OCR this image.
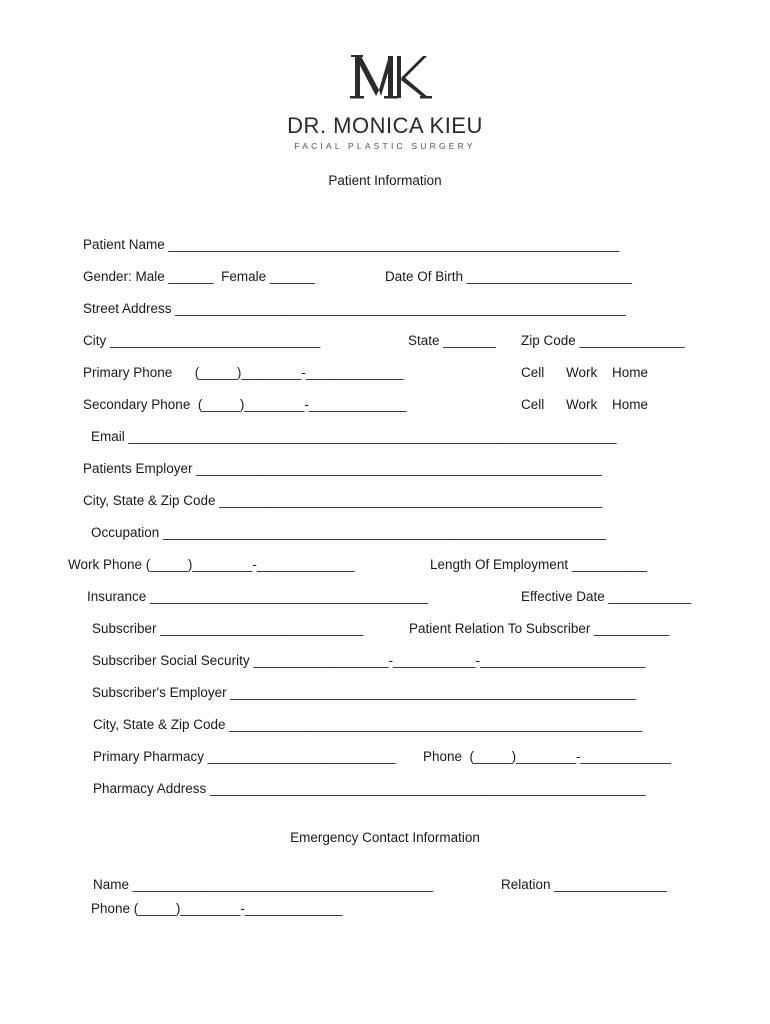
DR. MONICA KIEU
FACIAL PLASTIC SURGERY
Patient Information
Patient Name ____________________________________________________________
Gender: Male ______  Female ______	Date Of Birth ______________________
Street Address ____________________________________________________________
City ____________________________	State _______ Zip Code ______________
Primary Phone      (_____)________-_____________	Cell Work Home
Secondary Phone  (_____)________-_____________	Cell Work Home
Email _________________________________________________________________
Patients Employer ______________________________________________________
City, State & Zip Code ___________________________________________________
Occupation ___________________________________________________________
Work Phone (_____)________-_____________	Length Of Employment __________
Insurance _____________________________________	Effective Date ___________
Subscriber ___________________________	Patient Relation To Subscriber __________
Subscriber Social Security __________________-___________-______________________
Subscriber's Employer ______________________________________________________
City, State & Zip Code _______________________________________________________
Primary Pharmacy _________________________ Phone  (_____)________-____________
Pharmacy Address __________________________________________________________
Emergency Contact Information
Name ________________________________________	Relation _______________
Phone (_____)________-_____________
